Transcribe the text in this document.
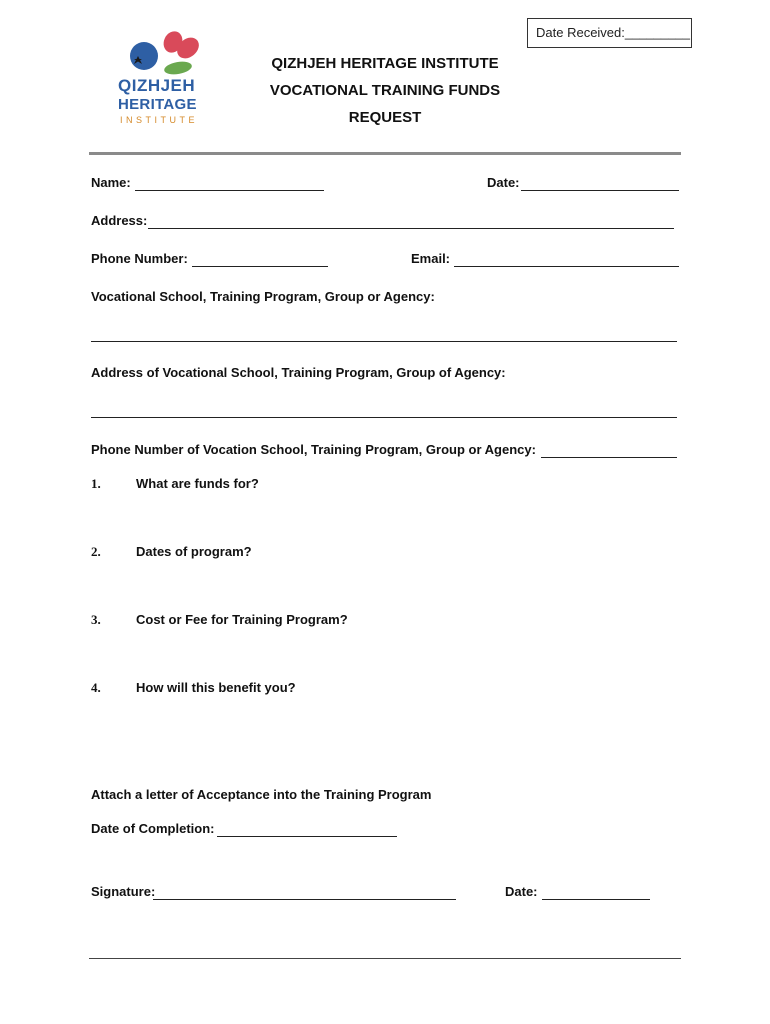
Date Received:_________
QIZHJEH
HERITAGE
INSTITUTE
QIZHJEH HERITAGE INSTITUTE
VOCATIONAL TRAINING FUNDS
REQUEST
Name:	Date:
Address:
Phone Number:	Email:
Vocational School, Training Program, Group or Agency:
Address of Vocational School, Training Program, Group of Agency:
Phone Number of Vocation School, Training Program, Group or Agency:
1.	What are funds for?
2.	Dates of program?
3.	Cost or Fee for Training Program?
4.	How will this benefit you?
Attach a letter of Acceptance into the Training Program
Date of Completion:
Signature:	Date:
